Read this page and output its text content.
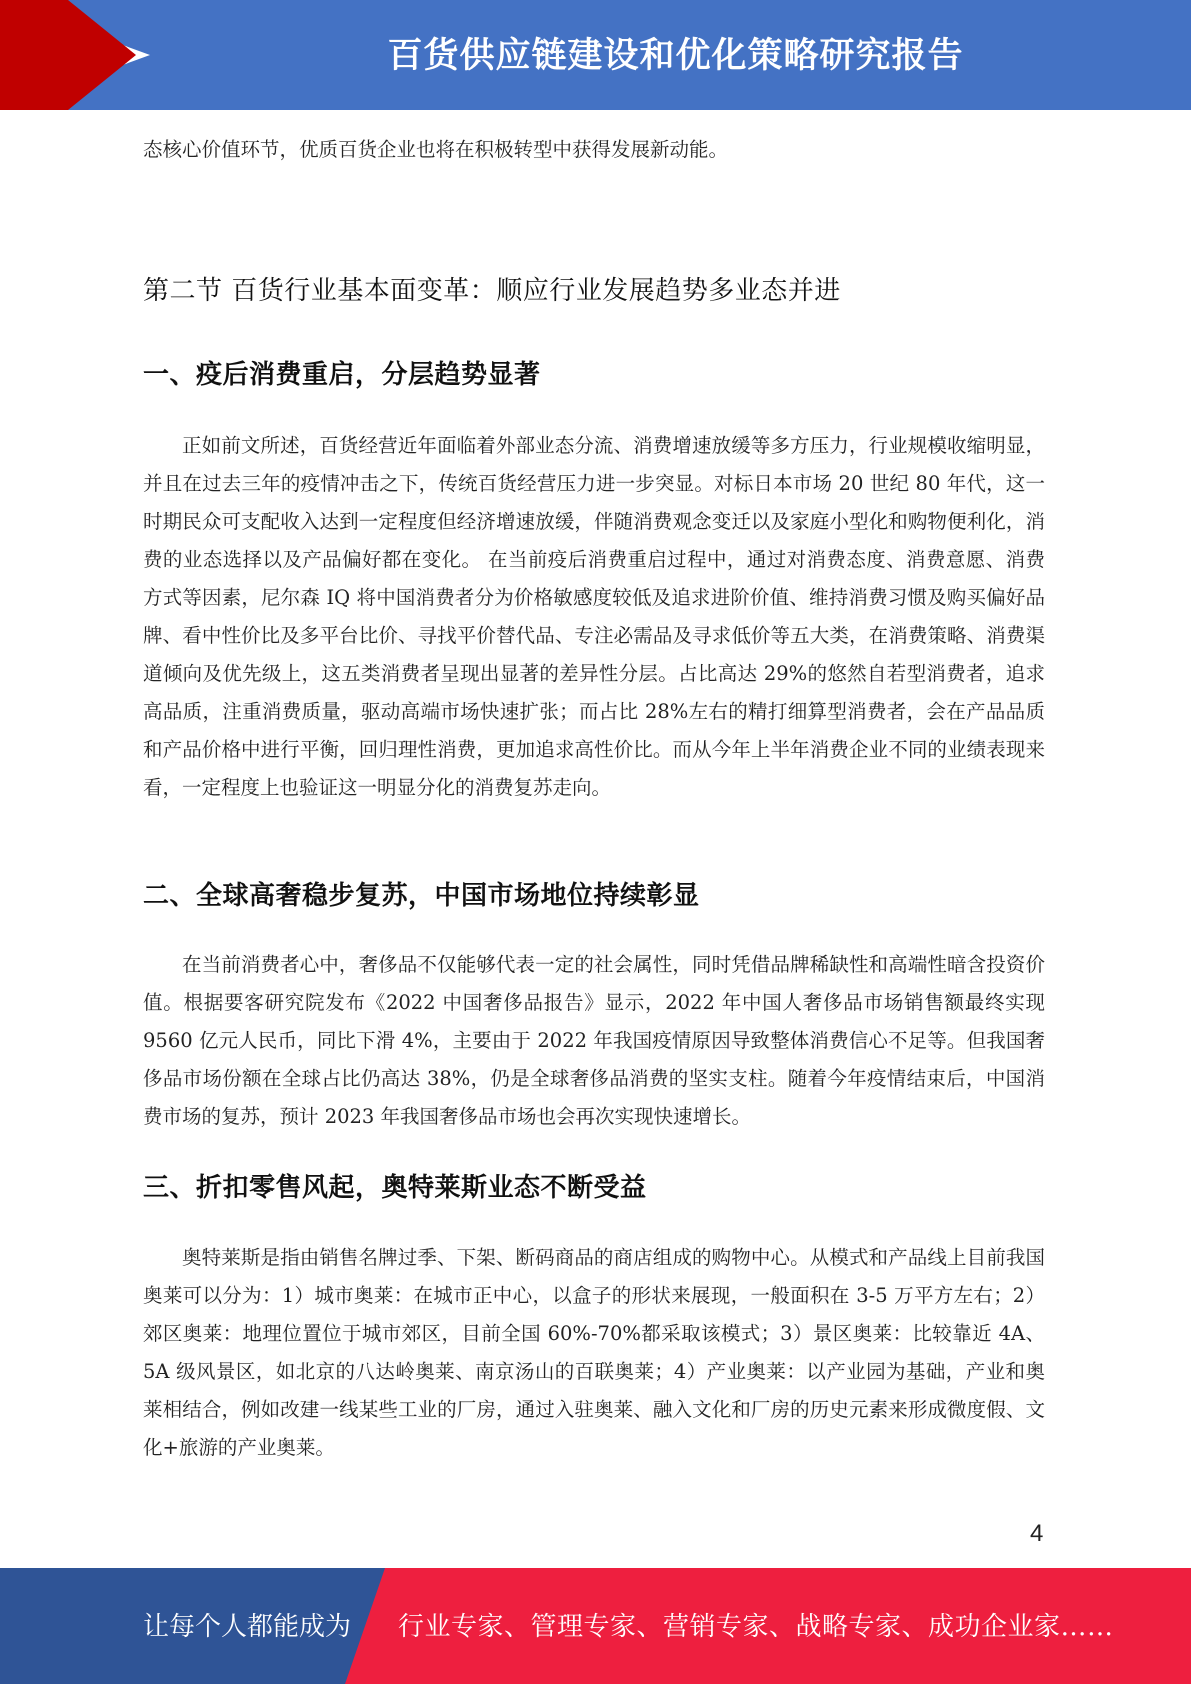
百货供应链建设和优化策略研究报告

态核心价值环节，优质百货企业也将在积极转型中获得发展新动能。

第二节 百货行业基本面变革：顺应行业发展趋势多业态并进
一、疫后消费重启，分层趋势显著

正如前文所述，百货经营近年面临着外部业态分流、消费增速放缓等多方压力，行业规模收缩明显，并且在过去三年的疫情冲击之下，传统百货经营压力进一步突显。对标日本市场 20 世纪 80 年代，这一时期民众可支配收入达到一定程度但经济增速放缓，伴随消费观念变迁以及家庭小型化和购物便利化，消费的业态选择以及产品偏好都在变化。 在当前疫后消费重启过程中，通过对消费态度、消费意愿、消费方式等因素，尼尔森 IQ 将中国消费者分为价格敏感度较低及追求进阶价值、维持消费习惯及购买偏好品牌、看中性价比及多平台比价、寻找平价替代品、专注必需品及寻求低价等五大类，在消费策略、消费渠道倾向及优先级上，这五类消费者呈现出显著的差异性分层。占比高达 29%的悠然自若型消费者，追求高品质，注重消费质量，驱动高端市场快速扩张；而占比 28%左右的精打细算型消费者，会在产品品质和产品价格中进行平衡，回归理性消费，更加追求高性价比。而从今年上半年消费企业不同的业绩表现来看，一定程度上也验证这一明显分化的消费复苏走向。

二、全球高奢稳步复苏，中国市场地位持续彰显

在当前消费者心中，奢侈品不仅能够代表一定的社会属性，同时凭借品牌稀缺性和高端性暗含投资价值。根据要客研究院发布《2022 中国奢侈品报告》显示，2022 年中国人奢侈品市场销售额最终实现 9560 亿元人民币，同比下滑 4%，主要由于 2022 年我国疫情原因导致整体消费信心不足等。但我国奢侈品市场份额在全球占比仍高达 38%，仍是全球奢侈品消费的坚实支柱。随着今年疫情结束后，中国消费市场的复苏，预计 2023 年我国奢侈品市场也会再次实现快速增长。

三、折扣零售风起，奥特莱斯业态不断受益

奥特莱斯是指由销售名牌过季、下架、断码商品的商店组成的购物中心。从模式和产品线上目前我国奥莱可以分为：1）城市奥莱：在城市正中心，以盒子的形状来展现，一般面积在 3-5 万平方左右；2）郊区奥莱：地理位置位于城市郊区，目前全国 60%-70%都采取该模式；3）景区奥莱：比较靠近 4A、5A 级风景区，如北京的八达岭奥莱、南京汤山的百联奥莱；4）产业奥莱：以产业园为基础，产业和奥莱相结合，例如改建一线某些工业的厂房，通过入驻奥莱、融入文化和厂房的历史元素来形成微度假、文化+旅游的产业奥莱。

4
让每个人都能成为 行业专家、管理专家、营销专家、战略专家、成功企业家……
